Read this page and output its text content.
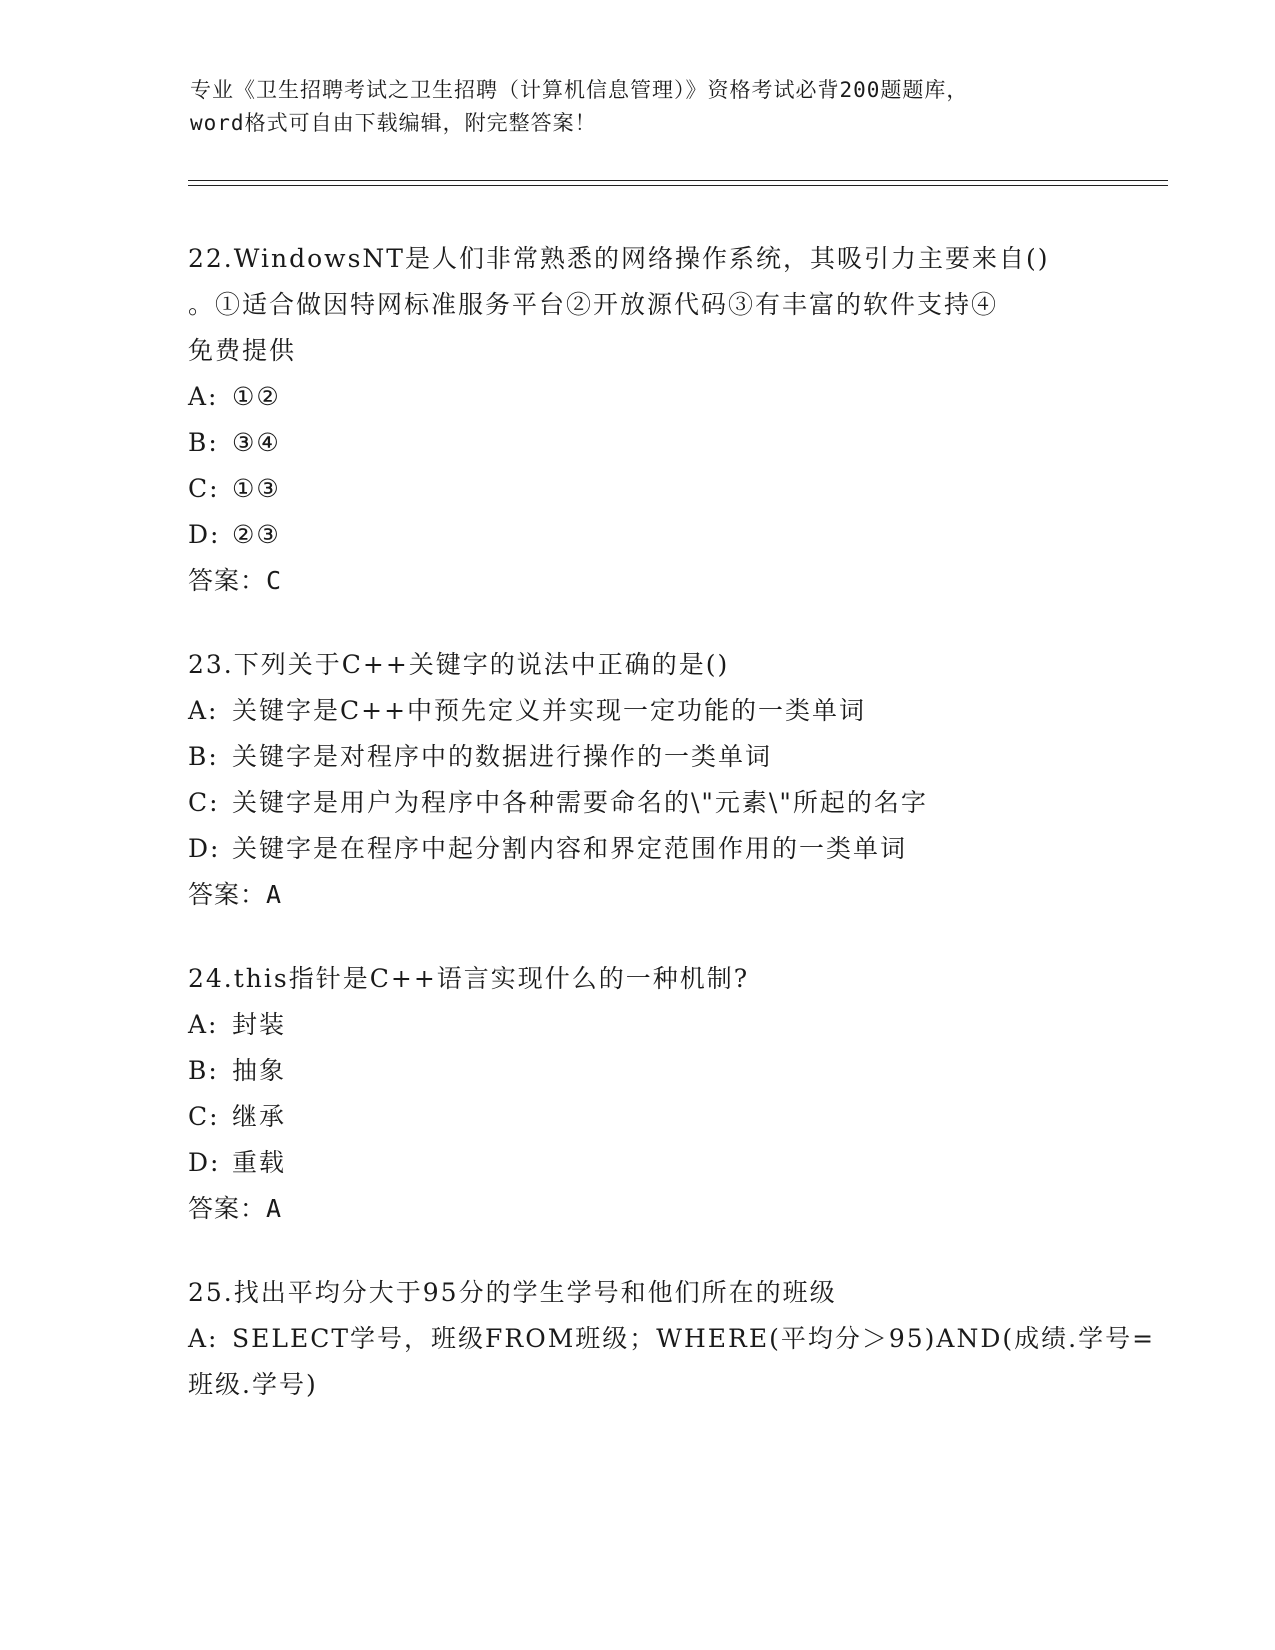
专业《卫生招聘考试之卫生招聘（计算机信息管理）》资格考试必背200题题库，
word格式可自由下载编辑，附完整答案！
22.WindowsNT是人们非常熟悉的网络操作系统，其吸引力主要来自()
。①适合做因特网标准服务平台②开放源代码③有丰富的软件支持④
免费提供
A: ①②
B: ③④
C: ①③
D: ②③
答案：C
23.下列关于C++关键字的说法中正确的是()
A: 关键字是C++中预先定义并实现一定功能的一类单词
B: 关键字是对程序中的数据进行操作的一类单词
C: 关键字是用户为程序中各种需要命名的\"元素\"所起的名字
D: 关键字是在程序中起分割内容和界定范围作用的一类单词
答案：A
24.this指针是C++语言实现什么的一种机制?
A: 封装
B: 抽象
C: 继承
D: 重载
答案：A
25.找出平均分大于95分的学生学号和他们所在的班级
A: SELECT学号，班级FROM班级；WHERE(平均分＞95)AND(成绩.学号=
班级.学号)
